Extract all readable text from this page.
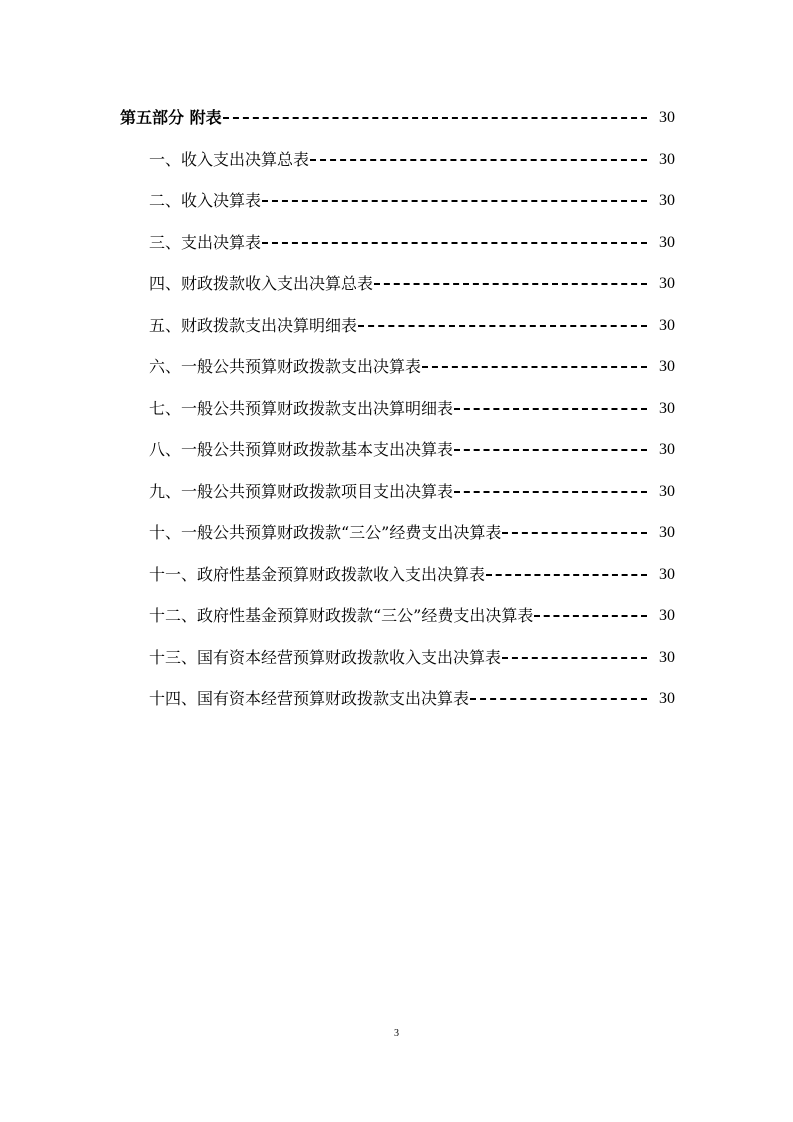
第五部分 附表	30
一、收入支出决算总表	30
二、收入决算表	30
三、支出决算表	30
四、财政拨款收入支出决算总表	30
五、财政拨款支出决算明细表	30
六、一般公共预算财政拨款支出决算表	30
七、一般公共预算财政拨款支出决算明细表	30
八、一般公共预算财政拨款基本支出决算表	30
九、一般公共预算财政拨款项目支出决算表	30
十、一般公共预算财政拨款“三公”经费支出决算表	30
十一、政府性基金预算财政拨款收入支出决算表	30
十二、政府性基金预算财政拨款“三公”经费支出决算表	30
十三、国有资本经营预算财政拨款收入支出决算表	30
十四、国有资本经营预算财政拨款支出决算表	30
3
